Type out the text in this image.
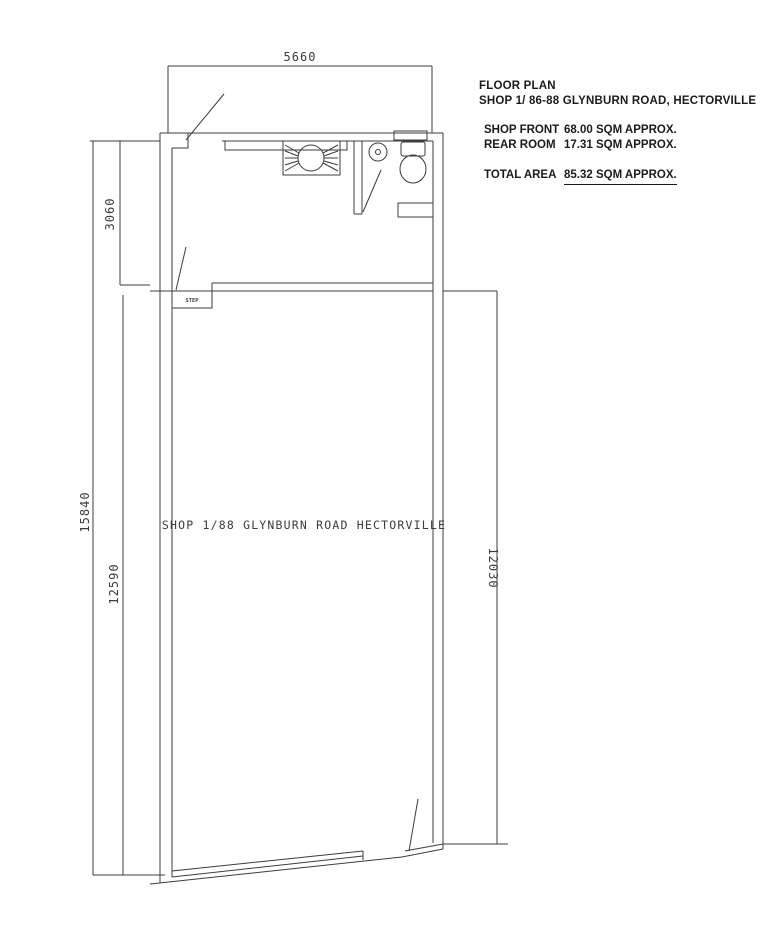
FLOOR PLAN
SHOP 1/ 86-88 GLYNBURN ROAD, HECTORVILLE
SHOP FRONT 68.00 SQM APPROX.
REAR ROOM 17.31 SQM APPROX.
TOTAL AREA 85.32 SQM APPROX.
STEP
5660
3060
15840
12590	12030
SHOP 1/88 GLYNBURN ROAD HECTORVILLE
